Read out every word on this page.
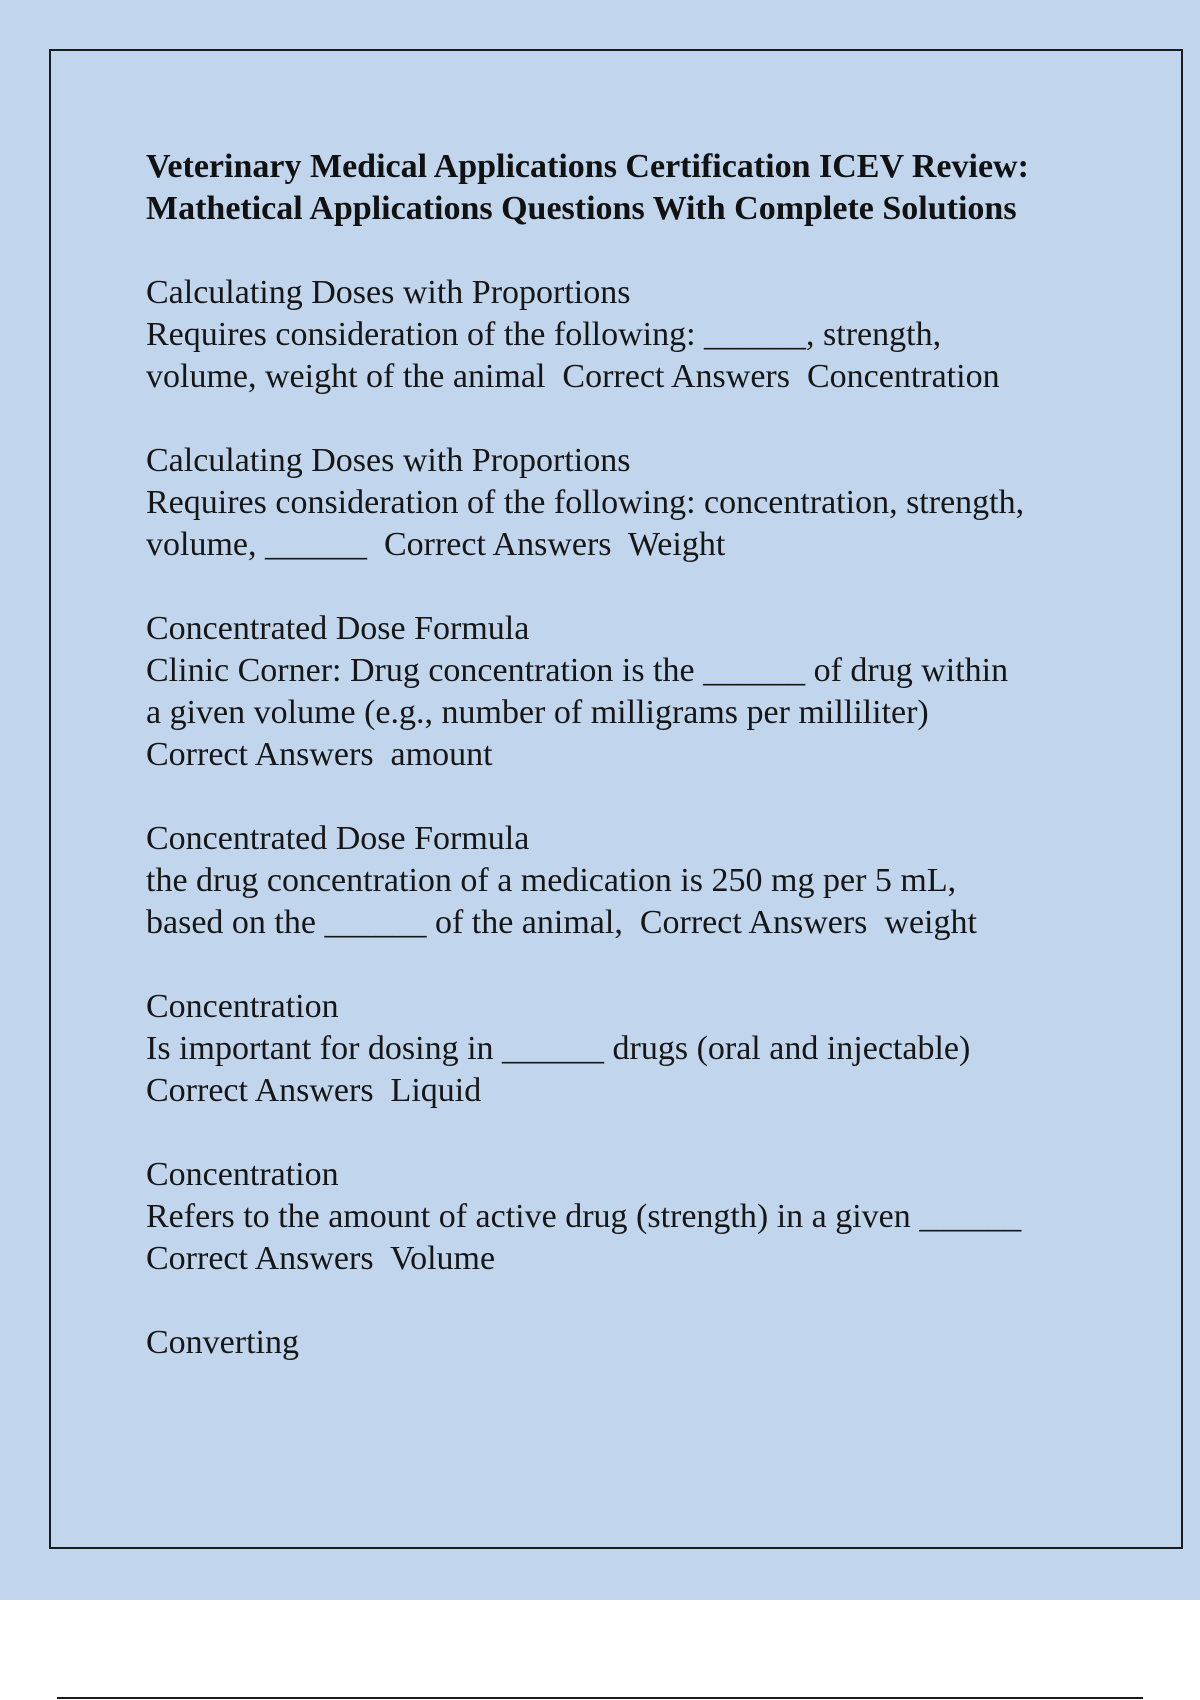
Veterinary Medical Applications Certification ICEV Review: Mathetical Applications Questions With Complete Solutions
Calculating Doses with Proportions
Requires consideration of the following: ______, strength,
volume, weight of the animal  Correct Answers  Concentration
Calculating Doses with Proportions
Requires consideration of the following: concentration, strength,
volume, ______  Correct Answers  Weight
Concentrated Dose Formula
Clinic Corner: Drug concentration is the ______ of drug within
a given volume (e.g., number of milligrams per milliliter)
Correct Answers  amount
Concentrated Dose Formula
the drug concentration of a medication is 250 mg per 5 mL,
based on the ______ of the animal,  Correct Answers  weight
Concentration
Is important for dosing in ______ drugs (oral and injectable)
Correct Answers  Liquid
Concentration
Refers to the amount of active drug (strength) in a given ______
Correct Answers  Volume
Converting
